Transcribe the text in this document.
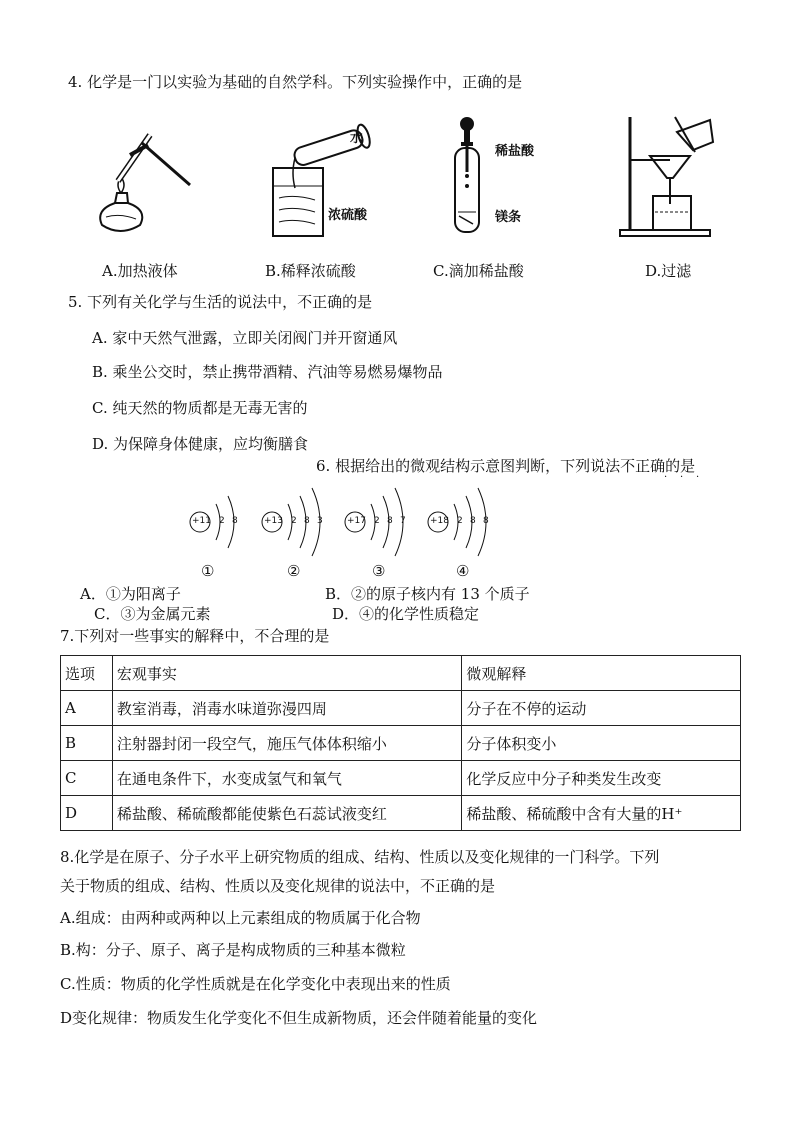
4. 化学是一门以实验为基础的自然学科。下列实验操作中，正确的是
水
浓硫酸
稀盐酸
镁条
A.加热液体	B.稀释浓硫酸	C.滴加稀盐酸	D.过滤
5. 下列有关化学与生活的说法中，不正确的是
A. 家中天然气泄露，立即关闭阀门并开窗通风
B. 乘坐公交时，禁止携带酒精、汽油等易燃易爆物品
C. 纯天然的物质都是无毒无害的
D. 为保障身体健康，应均衡膳食
6. 根据给出的微观结构示意图判断，下列说法不正确的是
· · ·
+11 2 8
①
+13 2 8 3
②
+17 2 8 7
③
+18 2 8 8
④
A．①为阳离子	B．②的原子核内有 13 个质子
C．③为金属元素	D．④的化学性质稳定
7.下列对一些事实的解释中，不合理的是
选项	宏观事实	微观解释
A	教室消毒，消毒水味道弥漫四周	分子在不停的运动
B	注射器封闭一段空气，施压气体体积缩小	分子体积变小
C	在通电条件下，水变成氢气和氧气	化学反应中分子种类发生改变
D	稀盐酸、稀硫酸都能使紫色石蕊试液变红	稀盐酸、稀硫酸中含有大量的H⁺
8.化学是在原子、分子水平上研究物质的组成、结构、性质以及变化规律的一门科学。下列
关于物质的组成、结构、性质以及变化规律的说法中，不正确的是
A.组成：由两种或两种以上元素组成的物质属于化合物
B.构：分子、原子、离子是构成物质的三种基本微粒
C.性质：物质的化学性质就是在化学变化中表现出来的性质
D变化规律：物质发生化学变化不但生成新物质，还会伴随着能量的变化
